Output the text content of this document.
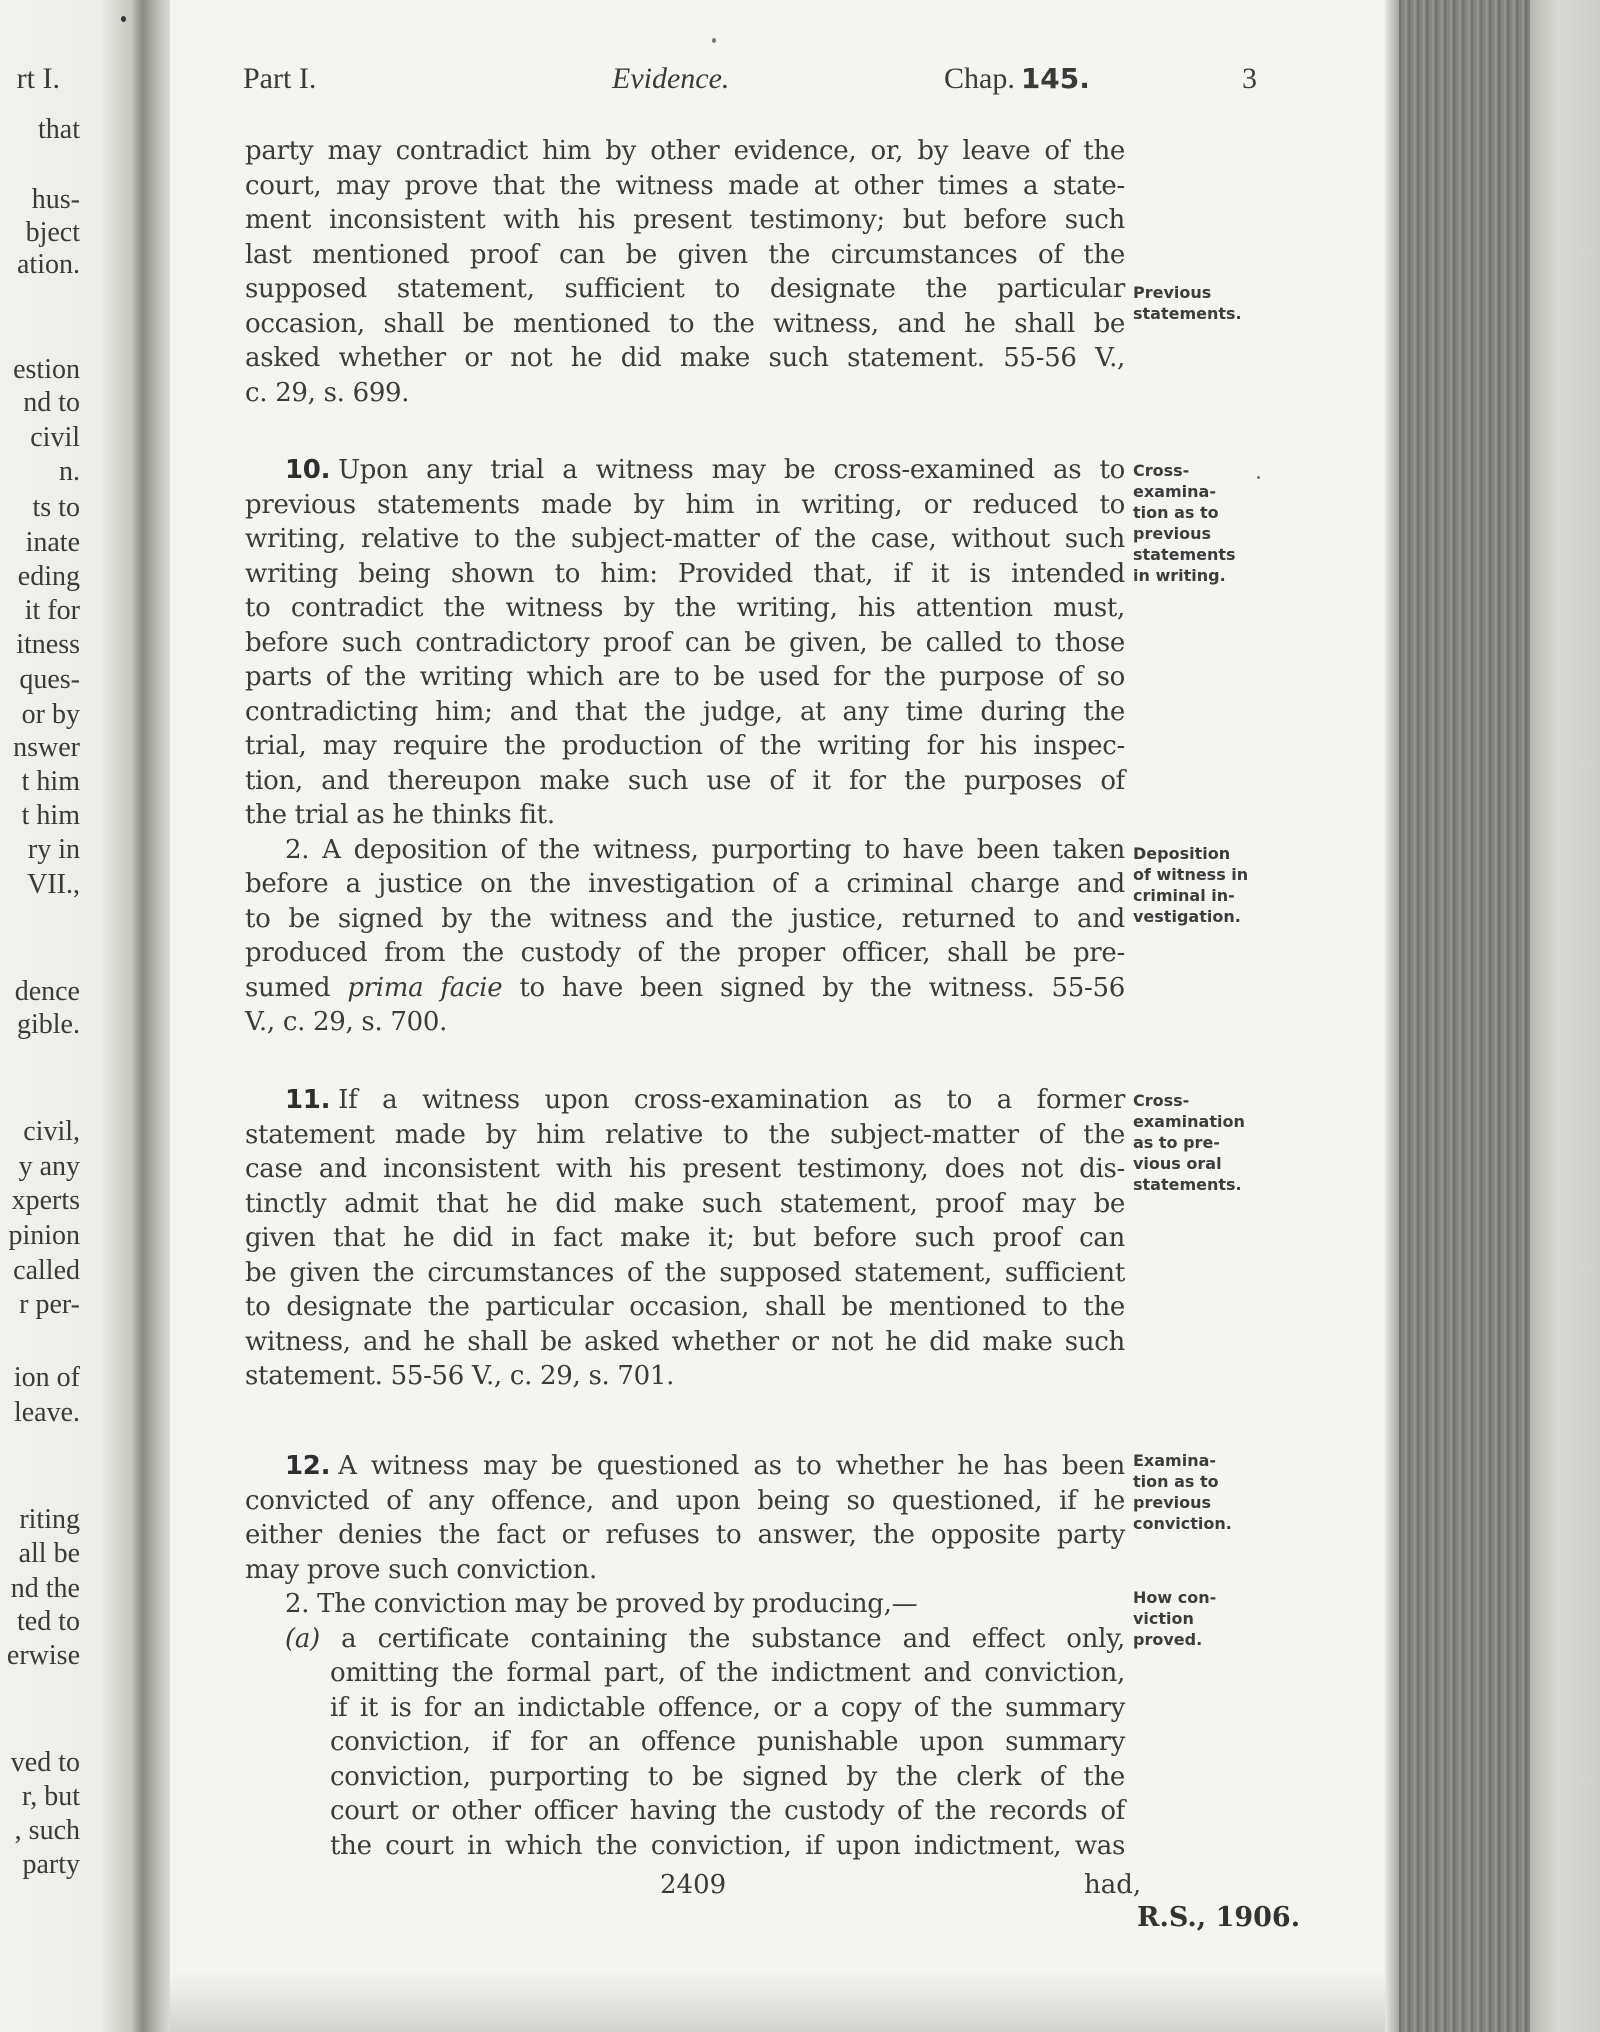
rt I.
that
hus-
bject
ation.
estion
nd to
civil
n.
ts to
inate
eding
it for
itness
ques-
or by
nswer
t him
t him
ry in
VII.,
dence
gible.
civil,
y any
xperts
pinion
called
r per-
ion of
leave.
riting
all be
nd the
ted to
erwise
ved to
r, but
, such
party
Part I.	Evidence.	Chap. 145.	3
party may contradict him by other evidence, or, by leave of the
court, may prove that the witness made at other times a state-
ment inconsistent with his present testimony; but before such
last mentioned proof can be given the circumstances of the
supposed statement, sufficient to designate the particular
occasion, shall be mentioned to the witness, and he shall be
asked whether or not he did make such statement. 55-56 V.,
c. 29, s. 699.
10. Upon any trial a witness may be cross-examined as to
previous statements made by him in writing, or reduced to
writing, relative to the subject-matter of the case, without such
writing being shown to him: Provided that, if it is intended
to contradict the witness by the writing, his attention must,
before such contradictory proof can be given, be called to those
parts of the writing which are to be used for the purpose of so
contradicting him; and that the judge, at any time during the
trial, may require the production of the writing for his inspec-
tion, and thereupon make such use of it for the purposes of
the trial as he thinks fit.
2. A deposition of the witness, purporting to have been taken
before a justice on the investigation of a criminal charge and
to be signed by the witness and the justice, returned to and
produced from the custody of the proper officer, shall be pre-
sumed prima facie to have been signed by the witness. 55-56
V., c. 29, s. 700.
11. If a witness upon cross-examination as to a former
statement made by him relative to the subject-matter of the
case and inconsistent with his present testimony, does not dis-
tinctly admit that he did make such statement, proof may be
given that he did in fact make it; but before such proof can
be given the circumstances of the supposed statement, sufficient
to designate the particular occasion, shall be mentioned to the
witness, and he shall be asked whether or not he did make such
statement. 55-56 V., c. 29, s. 701.
12. A witness may be questioned as to whether he has been
convicted of any offence, and upon being so questioned, if he
either denies the fact or refuses to answer, the opposite party
may prove such conviction.
2. The conviction may be proved by producing,—
(a) a certificate containing the substance and effect only,
omitting the formal part, of the indictment and conviction,
if it is for an indictable offence, or a copy of the summary
conviction, if for an offence punishable upon summary
conviction, purporting to be signed by the clerk of the
court or other officer having the custody of the records of
the court in which the conviction, if upon indictment, was
Previous
statements.
Cross-
examina-
tion as to
previous
statements
in writing.
Deposition
of witness in
criminal in-
vestigation.
Cross-
examination
as to pre-
vious oral
statements.
Examina-
tion as to
previous
conviction.
How con-
viction
proved.
2409	had,
R.S., 1906.
